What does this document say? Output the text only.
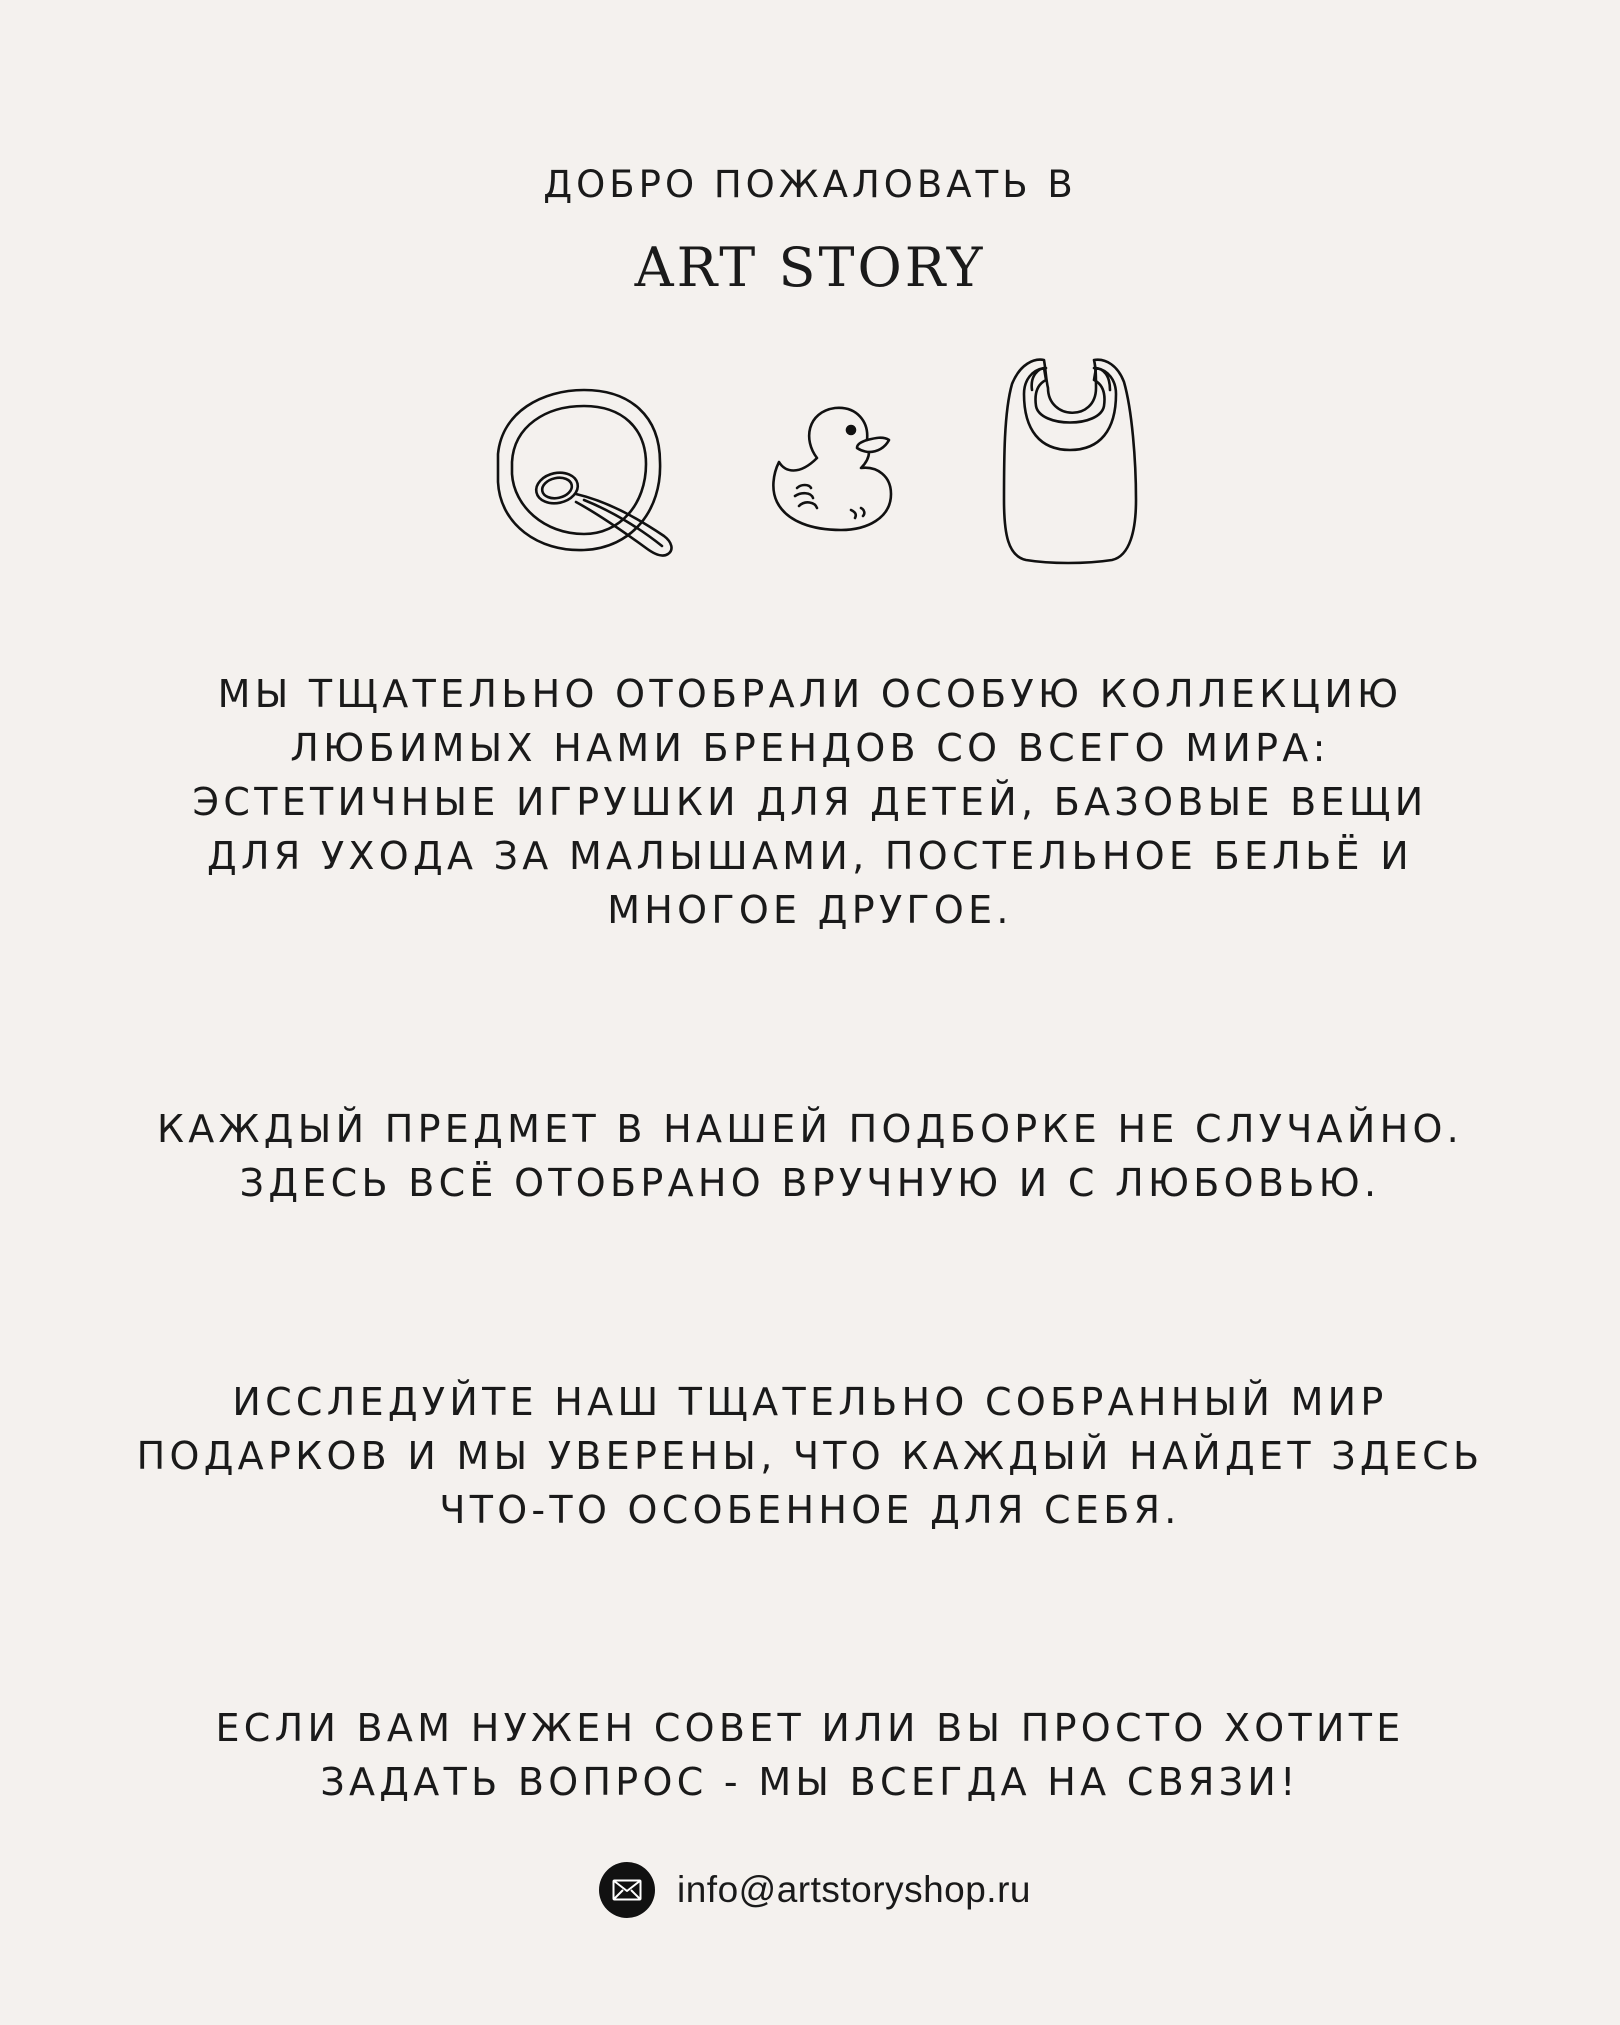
ДОБРО ПОЖАЛОВАТЬ В
ART STORY
МЫ ТЩАТЕЛЬНО ОТОБРАЛИ ОСОБУЮ КОЛЛЕКЦИЮ
ЛЮБИМЫХ НАМИ БРЕНДОВ СО ВСЕГО МИРА:
ЭСТЕТИЧНЫЕ ИГРУШКИ ДЛЯ ДЕТЕЙ, БАЗОВЫЕ ВЕЩИ
ДЛЯ УХОДА ЗА МАЛЫШАМИ, ПОСТЕЛЬНОЕ БЕЛЬЁ И
МНОГОЕ ДРУГОЕ.
КАЖДЫЙ ПРЕДМЕТ В НАШЕЙ ПОДБОРКЕ НЕ СЛУЧАЙНО.
ЗДЕСЬ ВСЁ ОТОБРАНО ВРУЧНУЮ И С ЛЮБОВЬЮ.
ИССЛЕДУЙТЕ НАШ ТЩАТЕЛЬНО СОБРАННЫЙ МИР
ПОДАРКОВ И МЫ УВЕРЕНЫ, ЧТО КАЖДЫЙ НАЙДЕТ ЗДЕСЬ
ЧТО-ТО ОСОБЕННОЕ ДЛЯ СЕБЯ.
ЕСЛИ ВАМ НУЖЕН СОВЕТ ИЛИ ВЫ ПРОСТО ХОТИТЕ
ЗАДАТЬ ВОПРОС - МЫ ВСЕГДА НА СВЯЗИ!
info@artstoryshop.ru
